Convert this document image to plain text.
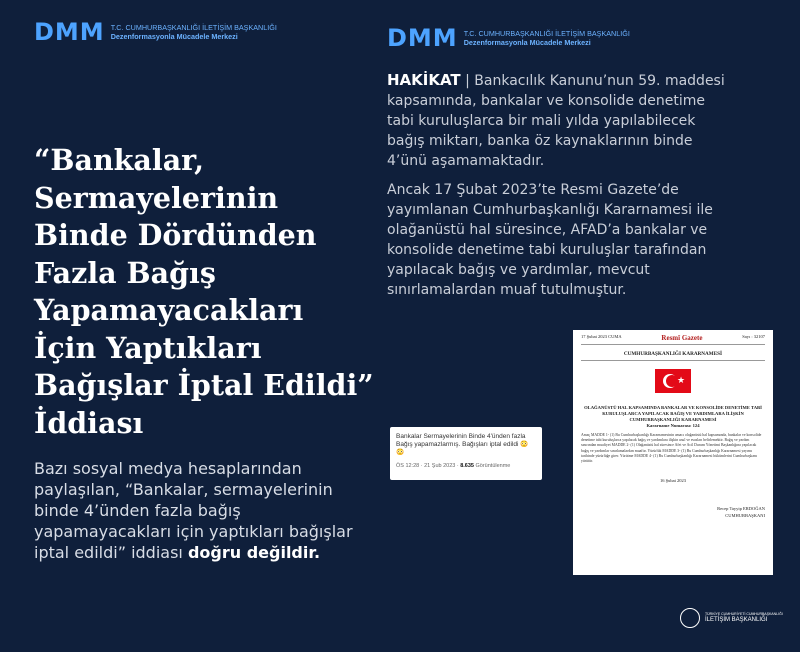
DMM T.C. CUMHURBAŞKANLIĞI İLETİŞİM BAŞKANLIĞI
Dezenformasyonla Mücadele Merkezi	DMM T.C. CUMHURBAŞKANLIĞI İLETİŞİM BAŞKANLIĞI
Dezenformasyonla Mücadele Merkezi
“Bankalar, Sermayelerinin Binde Dördünden Fazla Bağış Yapamayacakları İçin Yaptıkları Bağışlar İptal Edildi” İddiası

Bazı sosyal medya hesaplarından paylaşılan, “Bankalar, sermayelerinin binde 4’ünden fazla bağış yapamayacakları için yaptıkları bağışlar iptal edildi” iddiası doğru değildir.

HAKİKAT | Bankacılık Kanunu’nun 59. maddesi kapsamında, bankalar ve konsolide denetime tabi kuruluşlarca bir mali yılda yapılabilecek bağış miktarı, banka öz kaynaklarının binde 4’ünü aşamamaktadır.

Ancak 17 Şubat 2023’te Resmi Gazete’de yayımlanan Cumhurbaşkanlığı Kararnamesi ile olağanüstü hal süresince, AFAD’a bankalar ve konsolide denetime tabi kuruluşlar tarafından yapılacak bağış ve yardımlar, mevcut sınırlamalardan muaf tutulmuştur.

Bankalar Sermayelerinin Binde 4'ünden fazla Bağış yapamazlarmış. Bağışları iptal edildi 😳😳
ÖS 12:28 · 21 Şub 2023 · 8.635 Görüntülenme
17 Şubat 2023 CUMA	Resmî Gazete	Sayı : 32107
CUMHURBAŞKANLIĞI KARARNAMESİ
★
OLAĞANÜSTÜ HAL KAPSAMINDA BANKALAR VE KONSOLİDE DENETİME TABİ KURULUŞLARCA YAPILACAK BAĞIŞ VE YARDIMLARA İLİŞKİN CUMHURBAŞKANLIĞI KARARNAMESİ
Kararname Numarası: 124
Amaç MADDE 1- (1) Bu Cumhurbaşkanlığı Kararnamesinin amacı olağanüstü hal kapsamında, bankalar ve konsolide denetime tabi kuruluşlarca yapılacak bağış ve yardımlara ilişkin usul ve esasları belirlemektir. Bağış ve yardım sınırından muafiyet MADDE 2- (1) Olağanüstü hal süresince Afet ve Acil Durum Yönetimi Başkanlığına yapılacak bağış ve yardımlar sınırlamalardan muaftır. Yürürlük MADDE 3- (1) Bu Cumhurbaşkanlığı Kararnamesi yayımı tarihinde yürürlüğe girer. Yürütme MADDE 4- (1) Bu Cumhurbaşkanlığı Kararnamesi hükümlerini Cumhurbaşkanı yürütür.
16 Şubat 2023
Recep Tayyip ERDOĞAN
CUMHURBAŞKANI
TÜRKİYE CUMHURİYETİ CUMHURBAŞKANLIĞI
İLETİŞİM BAŞKANLIĞI
